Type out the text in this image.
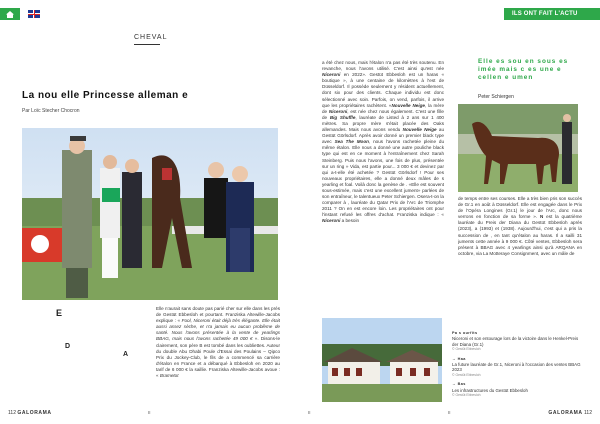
ILS ONT FAIT L'ACTU
CHEVAL
La nou elle Princesse alleman e
Par Loïc Stecher Chocron
E
D
A
Elle n'aurait sans doute pas parié cher sur elle dans les prés de Gestüt Ebbesloh et pourtant. Franziska Altewille-Jacobs explique : « Fool, Niceroni était déjà très élégante. Elle était aussi assez sèche, et n'a jamais eu aucun problème de santé. Nous l'avons présentée à la vente de yearlings BBAG, mais nous l'avons rachetée 49 000 € ». Disons-le clairement, son père B est tombé dans les oubliettes. Auteur du double Abu Dhabi Poule d'Essai des Poulains – Qipco Prix du Jockey-Club, le fils de a commencé sa carrière d'étalon en France et a débarqué à Ebbesloh en 2020 au tarif de 6 000 € la saillie. Franziska Altewille-Jacobs avoue : « Brametot
a été chez nous, mais l'étalon n'a pas été très soutenu. En revanche, nous l'avons utilisé. C'est ainsi qu'est née Niceroni en 2022». Gestüt Ebbesloh est un haras « boutique », à une centaine de kilomètres à l'est de Düsseldorf. Il possède seulement y résident actuellement, dont six pour des clients. Chaque individu est donc sélectionné avec soin. Parfois, on vend, parfois, il arrive que les propriétaires rachètent. «Nouvelle Neige, la mère de Niceroni, est née chez nous également. C'est une fille de Big Shuffle, lauréate de Listed à 2 ans sur 1 400 mètres. Sa propre mère s'était placée des Oaks allemandes. Mais nous avons vendu Nouvelle Neige au Gestüt Görlsdorf. Après avoir donné un premier black type avec Sea The Moon, nous l'avons rachetée pleine du même étalon. Elle nous a donné une autre pouliche black type qui est en ce moment à l'entraînement chez Sarah Steinberg. Puis nous l'avons, une fois de plus, présentée sur un ring » Vida, est partie pour... 3 000 € et devinez par qui a-t-elle été achetée ? Gestüt Görlsdorf ! Pour ses nouveaux propriétaires, elle a donné deux mâles de s yearling et foal. Voilà donc la genèse de . «Elle est souvent sous-estimée, mais c'est une excellent jument» parlées de son entraîneur, le talentueux Peter Schiergen. Osera-t-on la comparer à , lauréate du Qatar Prix de l'Arc de Triomphe 2011 ? On en est encore loin. Les propriétaires ont pour l'instant refusé les offres d'achat. Franziska indique : « Niceroni a besoin
de temps entre ses courses. Elle a très bien pris son succès de Gr.1 en août à Düsseldorf. Elle est engagée dans le Prix de l'Opéra Longines (Gr.1) le jour de l'Arc, donc nous verrons en fonction de sa forme ». N est la quatrième lauréate du Preis der Diana du Gestüt Ebbesloh après (2023), a (1993) et (1938). Aujourd'hui, c'est qui a pris la succession de , en tant qu'étalon au haras. Il a sailli 31 juments cette année à 9 000 €. Côté ventes, Ebbesloh sera présent à BBAG avec 4 yearlings ainsi qu'à ARQANA en octobre, via La Motteraye Consignment, avec un mâle de
Elle es sou en sous es imée mais c es une e cellen e umen
Peter Schiergen
Pa s ourfits
Niceroni et son entourage lors de la victoire dans le Henkel-Preis der Diana (Gr.1)
© Gestüt Ebbesloh
→ Haa
La future lauréate de Gr.1, Niceroni à l'occasion des ventes BBAG 2023
© Gestüt Ebbesloh
→ Bas
Les infrastructures du Gestüt Ebbesloh
© Gestüt Ebbesloh
112 GALORAMA	II	II	II	GALORAMA 112
